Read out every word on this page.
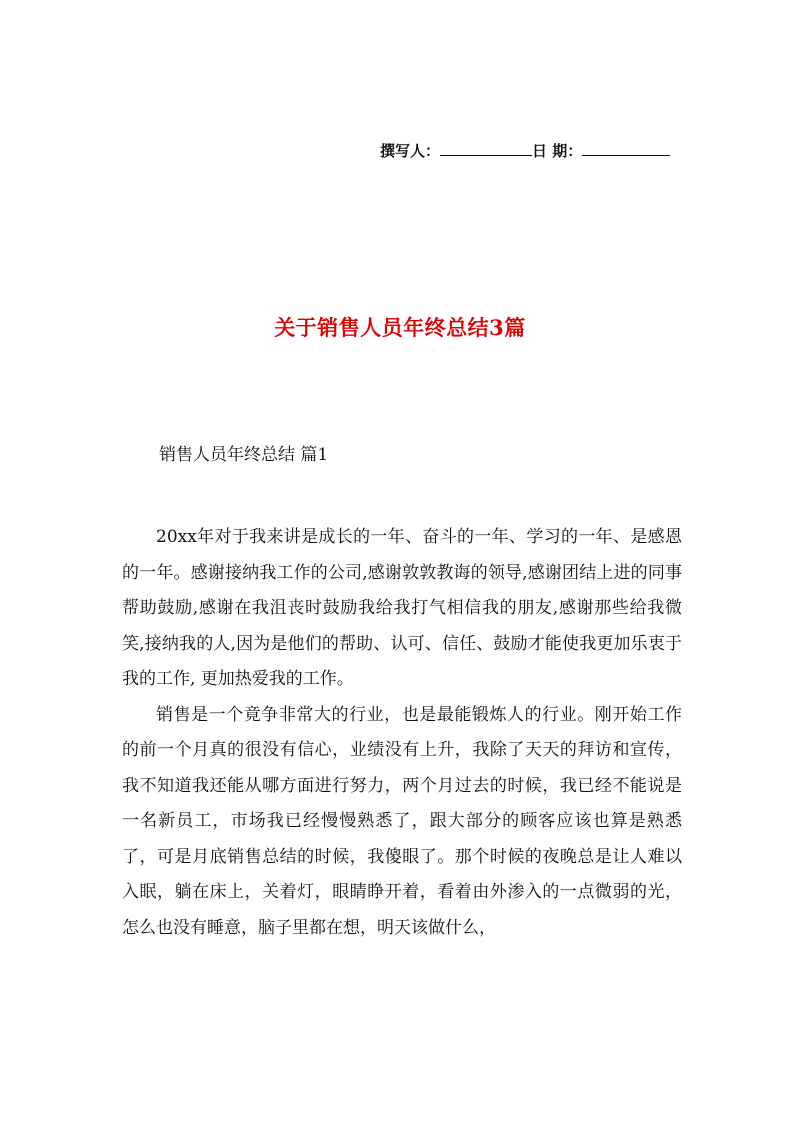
撰写人：	日 期：
关于销售人员年终总结3篇
销售人员年终总结 篇1

20xx年对于我来讲是成长的一年、奋斗的一年、学习的一年、是感恩的一年。感谢接纳我工作的公司,感谢敦敦教诲的领导,感谢团结上进的同事帮助鼓励,感谢在我沮丧时鼓励我给我打气相信我的朋友,感谢那些给我微笑,接纳我的人,因为是他们的帮助、认可、信任、鼓励才能使我更加乐衷于我的工作, 更加热爱我的工作。

销售是一个竟争非常大的行业，也是最能锻炼人的行业。刚开始工作的前一个月真的很没有信心，业绩没有上升，我除了天天的拜访和宣传，我不知道我还能从哪方面进行努力，两个月过去的时候，我已经不能说是一名新员工，市场我已经慢慢熟悉了，跟大部分的顾客应该也算是熟悉了，可是月底销售总结的时候，我傻眼了。那个时候的夜晚总是让人难以入眠，躺在床上，关着灯，眼睛睁开着，看着由外渗入的一点微弱的光，怎么也没有睡意，脑子里都在想，明天该做什么，
